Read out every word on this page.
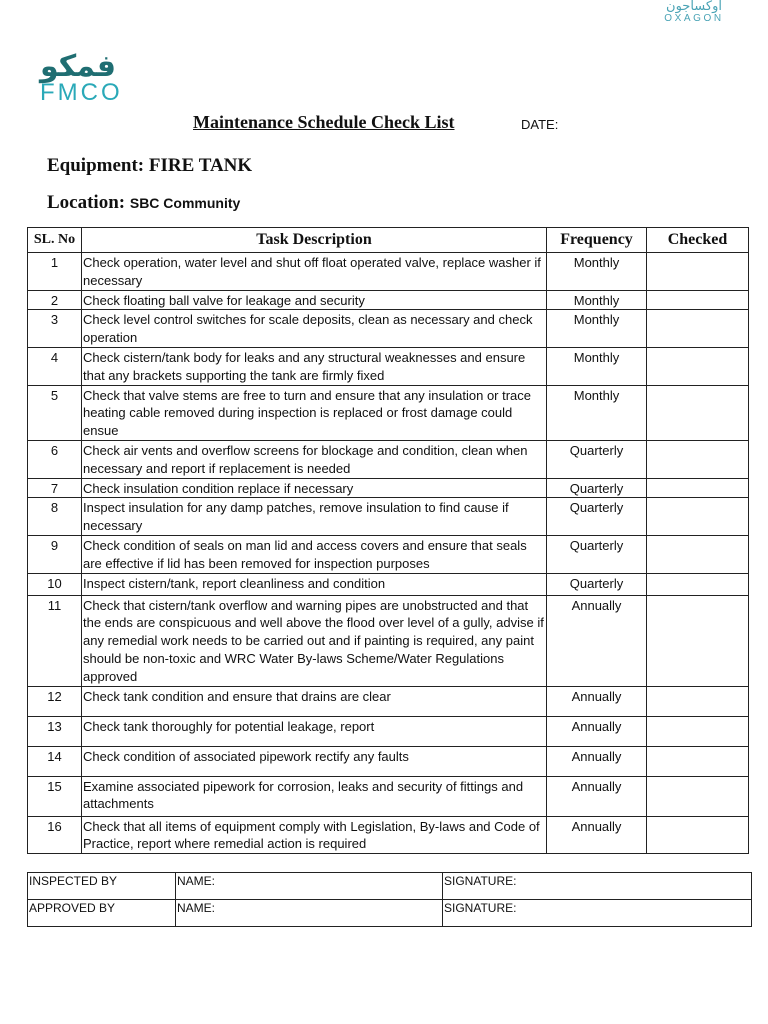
اوكساجون
OXAGON
فمكو
FMCO
Maintenance Schedule Check List	DATE:
Equipment: FIRE TANK
Location: SBC Community
SL. No	Task Description	Frequency	Checked
1	Check operation, water level and shut off float operated valve, replace washer if necessary	Monthly	
2	Check floating ball valve for leakage and security	Monthly	
3	Check level control switches for scale deposits, clean as necessary and check operation	Monthly	
4	Check cistern/tank body for leaks and any structural weaknesses and ensure that any brackets supporting the tank are firmly fixed	Monthly	
5	Check that valve stems are free to turn and ensure that any insulation or trace heating cable removed during inspection is replaced or frost damage could ensue	Monthly	
6	Check air vents and overflow screens for blockage and condition, clean when necessary and report if replacement is needed	Quarterly	
7	Check insulation condition replace if necessary	Quarterly	
8	Inspect insulation for any damp patches, remove insulation to find cause if necessary	Quarterly	
9	Check condition of seals on man lid and access covers and ensure that seals are effective if lid has been removed for inspection purposes	Quarterly	
10	Inspect cistern/tank, report cleanliness and condition	Quarterly	
11	Check that cistern/tank overflow and warning pipes are unobstructed and that the ends are conspicuous and well above the flood over level of a gully, advise if any remedial work needs to be carried out and if painting is required, any paint should be non-toxic and WRC Water By-laws Scheme/Water Regulations approved	Annually	
12	Check tank condition and ensure that drains are clear	Annually	
13	Check tank thoroughly for potential leakage, report	Annually	
14	Check condition of associated pipework rectify any faults	Annually	
15	Examine associated pipework for corrosion, leaks and security of fittings and attachments	Annually	
16	Check that all items of equipment comply with Legislation, By-laws and Code of Practice, report where remedial action is required	Annually	
INSPECTED BY	NAME:	SIGNATURE:
APPROVED BY	NAME:	SIGNATURE:
